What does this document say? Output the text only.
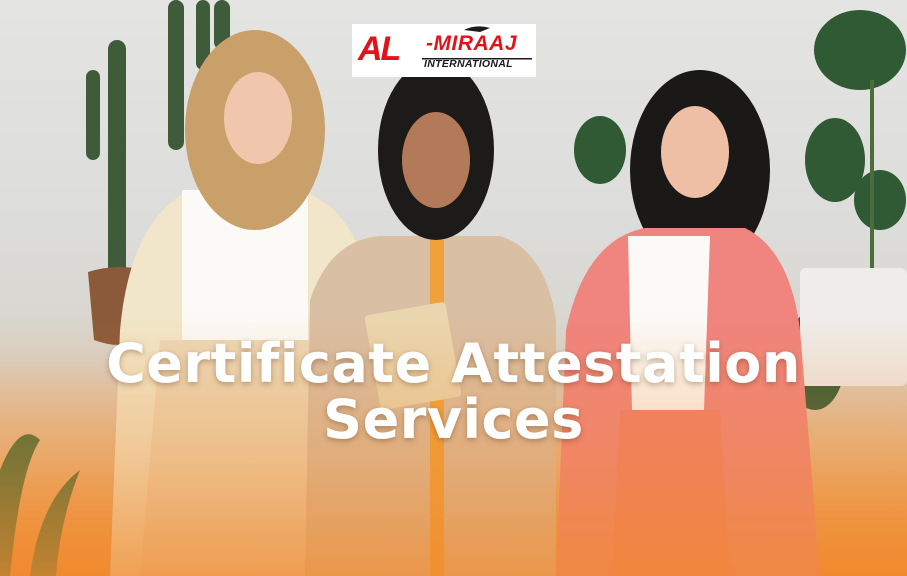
AL -MIRAAJ
INTERNATIONAL
Certificate Attestation
Services
